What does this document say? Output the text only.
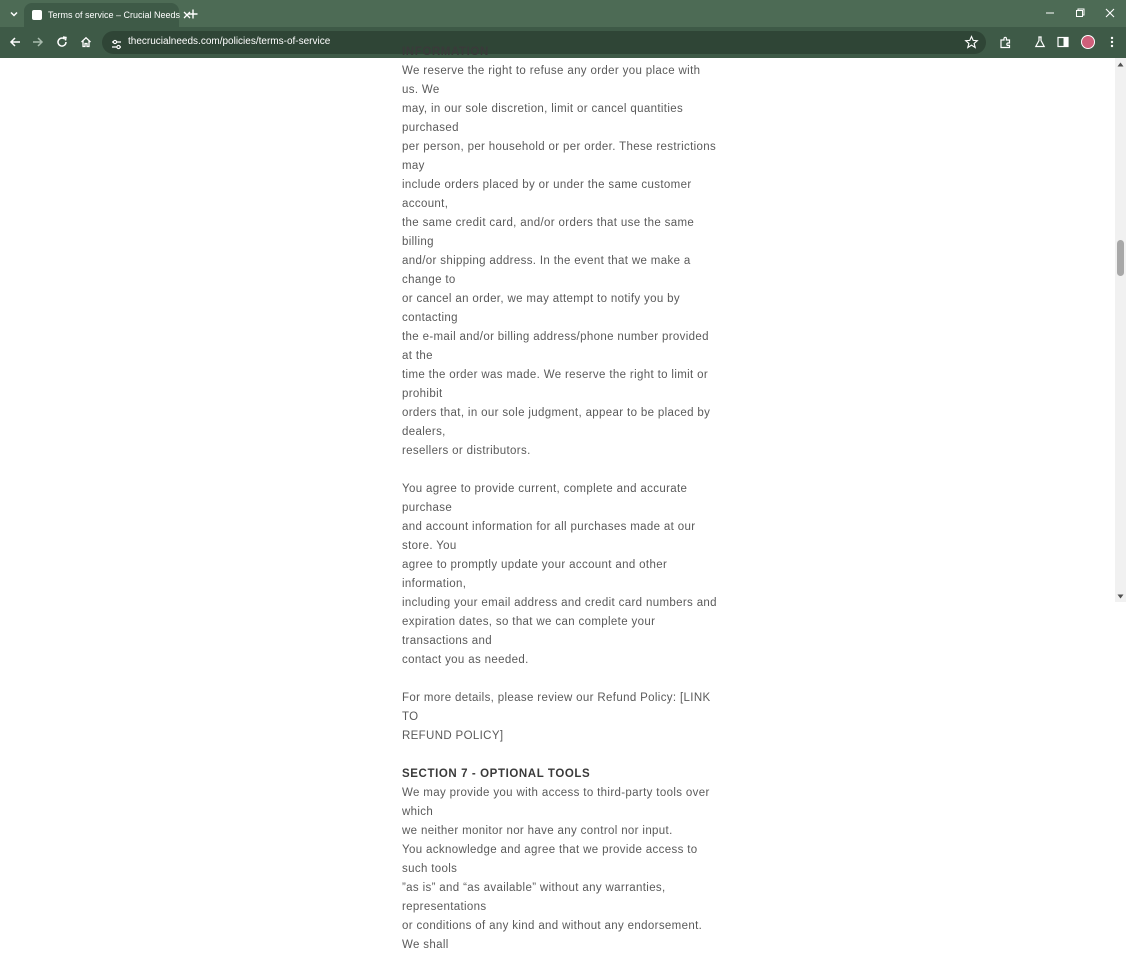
Terms of service – Crucial Needs
thecrucialneeds.com/policies/terms-of-service

INFORMATION

We reserve the right to refuse any order you place with us. We

may, in our sole discretion, limit or cancel quantities purchased

per person, per household or per order. These restrictions may

include orders placed by or under the same customer account,

the same credit card, and/or orders that use the same billing

and/or shipping address. In the event that we make a change to

or cancel an order, we may attempt to notify you by contacting

the e-mail and/or billing address/phone number provided at the

time the order was made. We reserve the right to limit or prohibit

orders that, in our sole judgment, appear to be placed by dealers,

resellers or distributors.

You agree to provide current, complete and accurate purchase

and account information for all purchases made at our store. You

agree to promptly update your account and other information,

including your email address and credit card numbers and

expiration dates, so that we can complete your transactions and

contact you as needed.

For more details, please review our Refund Policy: [LINK TO

REFUND POLICY]

SECTION 7 - OPTIONAL TOOLS

We may provide you with access to third-party tools over which

we neither monitor nor have any control nor input.

You acknowledge and agree that we provide access to such tools

”as is” and “as available” without any warranties, representations

or conditions of any kind and without any endorsement. We shall
